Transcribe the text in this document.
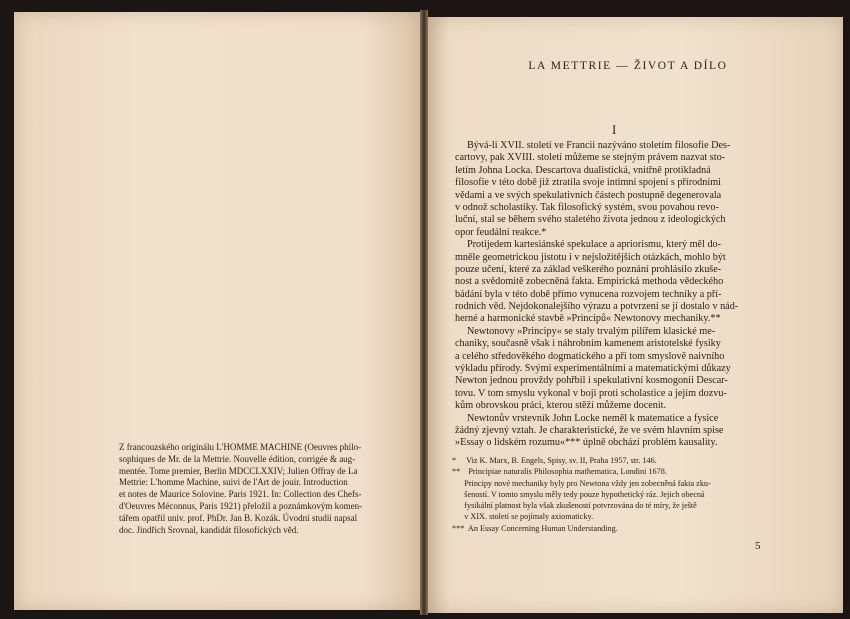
Z francouzského originálu L'HOMME MACHINE (Oeuvres philo-
sophiques de Mr. de la Mettrie. Nouvelle édition, corrigée & aug-
mentée. Tome premier, Berlin MDCCLXXIV; Julien Offray de La
Mettrie: L'homme Machine, suivi de l'Art de jouir. Introduction
et notes de Maurice Solovine. Paris 1921. In: Collection des Chefs-
d'Oeuvres Méconnus, Paris 1921) přeložil a poznámkovým komen-
tářem opatřil univ. prof. PhDr. Jan B. Kozák. Úvodní studii napsal
doc. Jindřich Srovnal, kandidát filosofických věd.
LA METTRIE — ŽIVOT A DÍLO
I
Bývá-li XVII. století ve Francii nazýváno stoletím filosofie Des-
cartovy, pak XVIII. století můžeme se stejným právem nazvat sto-
letím Johna Locka. Descartova dualistická, vnitřně protikladná
filosofie v této době již ztratila svoje intimní spojení s přírodními
vědami a ve svých spekulativních částech postupně degenerovala
v odnož scholastiky. Tak filosofický systém, svou povahou revo-
luční, stal se během svého staletého života jednou z ideologických
opor feudální reakce.*
Protijedem kartesiánské spekulace a apriorismu, který měl do-
mněle geometrickou jistotu i v nejsložitějších otázkách, mohlo být
pouze učení, které za základ veškerého poznání prohlásilo zkuše-
nost a svědomitě zobecněná fakta. Empirická methoda vědeckého
bádání byla v této době přímo vynucena rozvojem techniky a pří-
rodních věd. Nejdokonalejšího výrazu a potvrzení se jí dostalo v nád-
herné a harmonické stavbě »Principů« Newtonovy mechaniky.**
Newtonovy »Principy« se staly trvalým pilířem klasické me-
chaniky, současně však i náhrobním kamenem aristotelské fysiky
a celého středověkého dogmatického a při tom smyslově naivního
výkladu přírody. Svými experimentálními a matematickými důkazy
Newton jednou provždy pohřbil i spekulativní kosmogonii Descar-
tovu. V tom smyslu vykonal v boji proti scholastice a jejím dozvu-
kům obrovskou práci, kterou stěží můžeme docenit.
Newtonův vrstevník John Locke neměl k matematice a fysice
žádný zjevný vztah. Je charakteristické, že ve svém hlavním spise
»Essay o lidském rozumu«*** úplně obchází problém kausality.
*     Viz K. Marx, B. Engels, Spisy, sv. II, Praha 1957, str. 146.
**    Principiae naturalis Philosophia mathematica, Londini 1678.
Principy nové mechaniky byly pro Newtona vždy jen zobecněná fakta zku-
šeností. V tomto smyslu měly tedy pouze hypothetický ráz. Jejich obecná
fysikální platnost byla však zkušeností potvrzována do té míry, že ještě
v XIX. století se pojímaly axiomaticky.
***  An Essay Concerning Human Understanding.
5
